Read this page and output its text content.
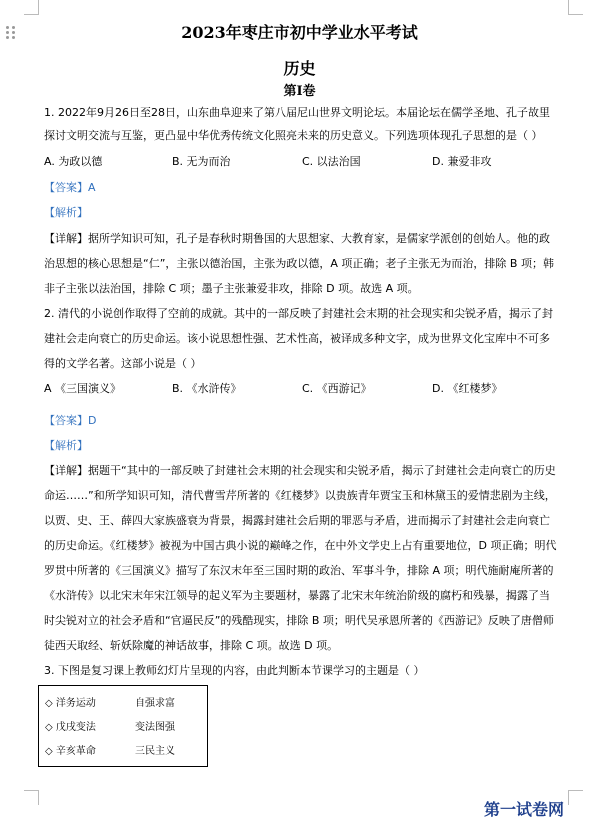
2023年枣庄市初中学业水平考试
历史
第Ⅰ卷
1. 2022年9月26日至28日，山东曲阜迎来了第八届尼山世界文明论坛。本届论坛在儒学圣地、孔子故里
探讨文明交流与互鉴，更凸显中华优秀传统文化照亮未来的历史意义。下列选项体现孔子思想的是（ ）
A. 为政以德	B. 无为而治	C. 以法治国	D. 兼爱非攻
【答案】A
【解析】
【详解】据所学知识可知，孔子是春秋时期鲁国的大思想家、大教育家，是儒家学派创的创始人。他的政
治思想的核心思想是“仁”，主张以德治国，主张为政以德，A 项正确；老子主张无为而治，排除 B 项；韩
非子主张以法治国，排除 C 项；墨子主张兼爱非攻，排除 D 项。故选 A 项。
2. 清代的小说创作取得了空前的成就。其中的一部反映了封建社会末期的社会现实和尖锐矛盾，揭示了封
建社会走向衰亡的历史命运。该小说思想性强、艺术性高，被译成多种文字，成为世界文化宝库中不可多
得的文学名著。这部小说是（ ）
A 《三国演义》	B. 《水浒传》	C. 《西游记》	D. 《红楼梦》
【答案】D
【解析】
【详解】据题干“其中的一部反映了封建社会末期的社会现实和尖锐矛盾，揭示了封建社会走向衰亡的历史
命运……”和所学知识可知，清代曹雪芹所著的《红楼梦》以贵族青年贾宝玉和林黛玉的爱情悲剧为主线，
以贾、史、王、薛四大家族盛衰为背景，揭露封建社会后期的罪恶与矛盾，进而揭示了封建社会走向衰亡
的历史命运。《红楼梦》被视为中国古典小说的巅峰之作，在中外文学史上占有重要地位，D 项正确；明代
罗贯中所著的《三国演义》描写了东汉末年至三国时期的政治、军事斗争，排除 A 项；明代施耐庵所著的
《水浒传》以北宋末年宋江领导的起义军为主要题材，暴露了北宋末年统治阶级的腐朽和残暴，揭露了当
时尖锐对立的社会矛盾和“官逼民反”的残酷现实，排除 B 项；明代吴承恩所著的《西游记》反映了唐僧师
徒西天取经、斩妖除魔的神话故事，排除 C 项。故选 D 项。
3. 下图是复习课上教师幻灯片呈现的内容，由此判断本节课学习的主题是（ ）
◇ 洋务运动	自强求富
◇ 戊戌变法	变法图强
◇ 辛亥革命	三民主义
第一试卷网
